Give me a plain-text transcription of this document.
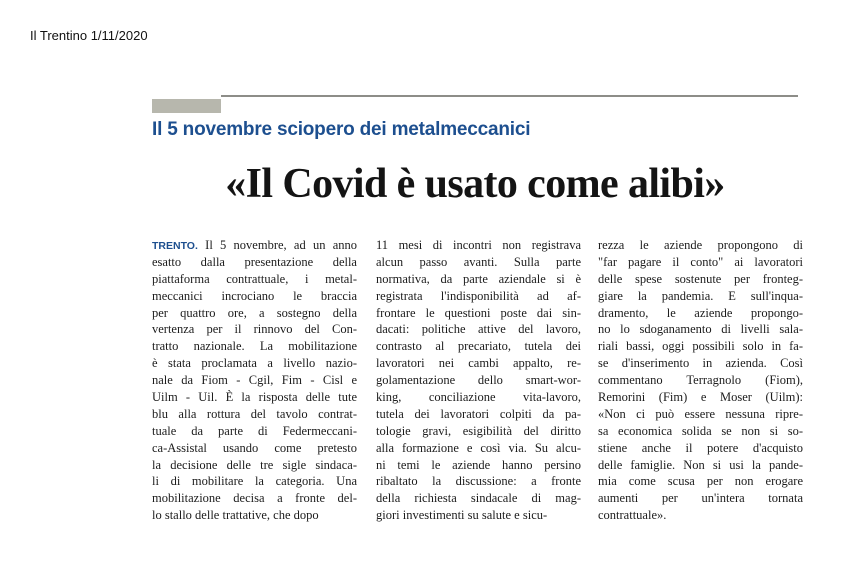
Il Trentino 1/11/2020
Il 5 novembre sciopero dei metalmeccanici
«Il Covid è usato come alibi»
TRENTO. Il 5 novembre, ad un anno
esatto dalla presentazione della
piattaforma contrattuale, i metal-
meccanici incrociano le braccia
per quattro ore, a sostegno della
vertenza per il rinnovo del Con-
tratto nazionale. La mobilitazione
è stata proclamata a livello nazio-
nale da Fiom - Cgil, Fim - Cisl e
Uilm - Uil. È la risposta delle tute
blu alla rottura del tavolo contrat-
tuale da parte di Federmeccani-
ca-Assistal usando come pretesto
la decisione delle tre sigle sindaca-
li di mobilitare la categoria. Una
mobilitazione decisa a fronte del-
lo stallo delle trattative, che dopo
11 mesi di incontri non registrava
alcun passo avanti. Sulla parte
normativa, da parte aziendale si è
registrata l'indisponibilità ad af-
frontare le questioni poste dai sin-
dacati: politiche attive del lavoro,
contrasto al precariato, tutela dei
lavoratori nei cambi appalto, re-
golamentazione dello smart-wor-
king, conciliazione vita-lavoro,
tutela dei lavoratori colpiti da pa-
tologie gravi, esigibilità del diritto
alla formazione e così via. Su alcu-
ni temi le aziende hanno persino
ribaltato la discussione: a fronte
della richiesta sindacale di mag-
giori investimenti su salute e sicu-
rezza le aziende propongono di
"far pagare il conto" ai lavoratori
delle spese sostenute per fronteg-
giare la pandemia. E sull'inqua-
dramento, le aziende propongo-
no lo sdoganamento di livelli sala-
riali bassi, oggi possibili solo in fa-
se d'inserimento in azienda. Così
commentano Terragnolo (Fiom),
Remorini (Fim) e Moser (Uilm):
«Non ci può essere nessuna ripre-
sa economica solida se non si so-
stiene anche il potere d'acquisto
delle famiglie. Non si usi la pande-
mia come scusa per non erogare
aumenti per un'intera tornata
contrattuale».
